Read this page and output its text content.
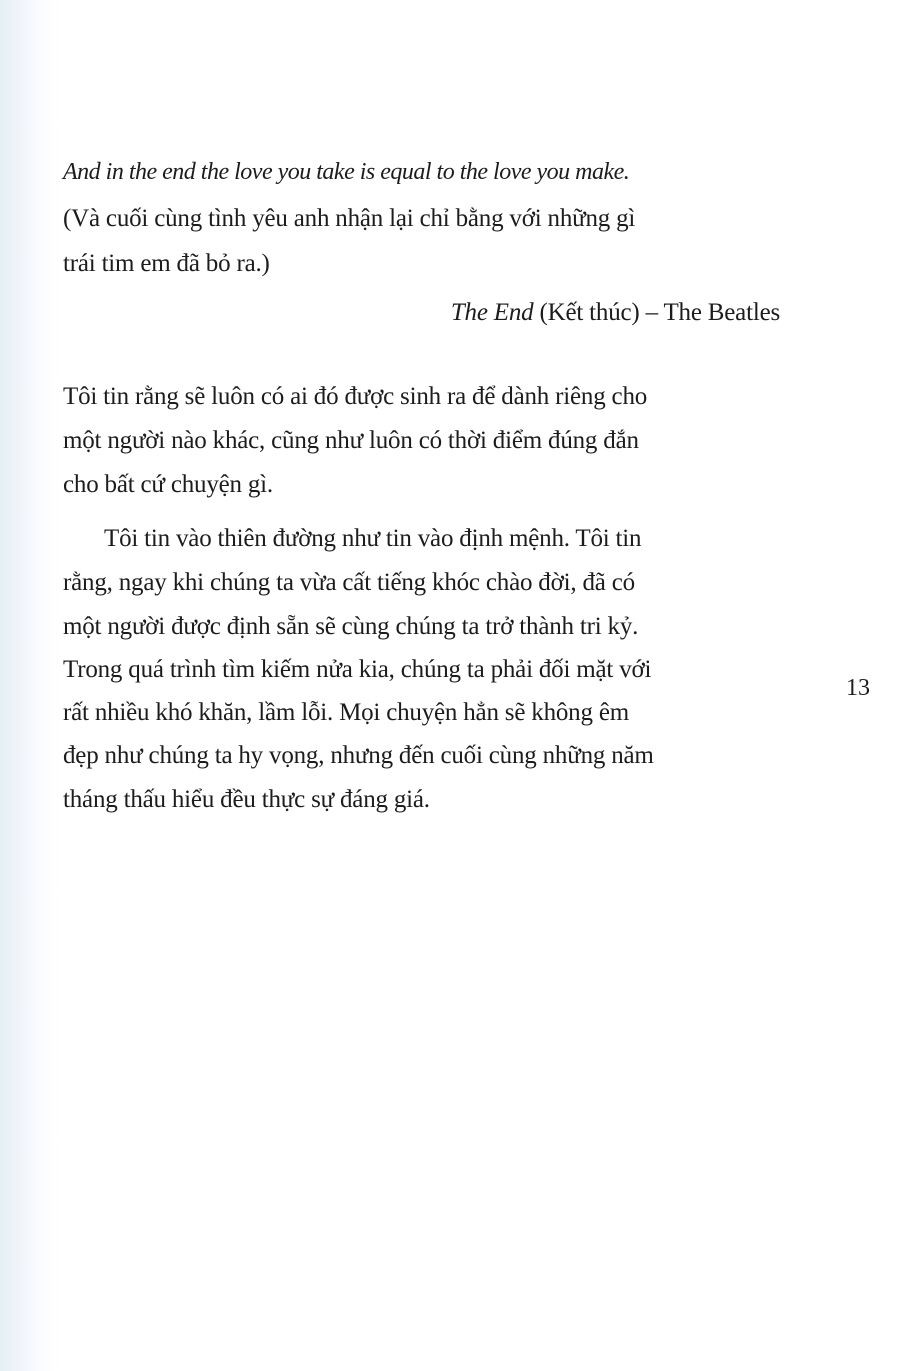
And in the end the love you take is equal to the love you make.
(Và cuối cùng tình yêu anh nhận lại chỉ bằng với những gì
trái tim em đã bỏ ra.)
The End (Kết thúc) – The Beatles
Tôi tin rằng sẽ luôn có ai đó được sinh ra để dành riêng cho
một người nào khác, cũng như luôn có thời điểm đúng đắn
cho bất cứ chuyện gì.
Tôi tin vào thiên đường như tin vào định mệnh. Tôi tin
rằng, ngay khi chúng ta vừa cất tiếng khóc chào đời, đã có
một người được định sẵn sẽ cùng chúng ta trở thành tri kỷ.
Trong quá trình tìm kiếm nửa kia, chúng ta phải đối mặt với
rất nhiều khó khăn, lầm lỗi. Mọi chuyện hẳn sẽ không êm
đẹp như chúng ta hy vọng, nhưng đến cuối cùng những năm
tháng thấu hiểu đều thực sự đáng giá.
13
